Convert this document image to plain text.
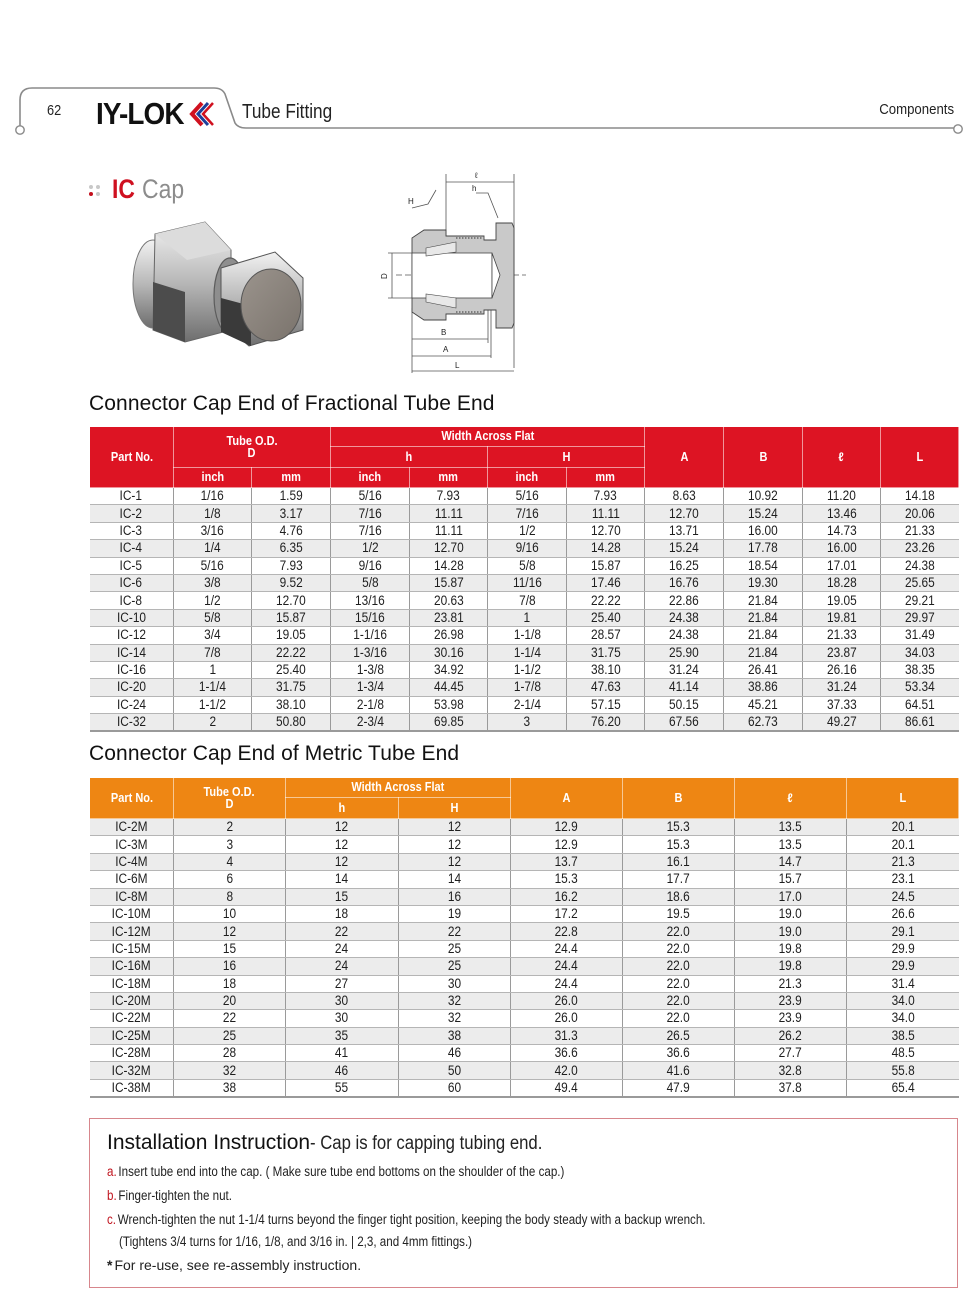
62 IY-LOK	Tube Fitting	Components
IC Cap	ℓ
h
H
D
B
A
L
Connector Cap End of Fractional Tube End
Part No.	Tube O.D.
D		Width Across Flat				A	B	ℓ	L
			h		H					
	inch	mm	inch	mm	inch	mm				
IC-1	1/16	1.59	5/16	7.93	5/16	7.93	8.63	10.92	11.20	14.18
IC-2	1/8	3.17	7/16	11.11	7/16	11.11	12.70	15.24	13.46	20.06
IC-3	3/16	4.76	7/16	11.11	1/2	12.70	13.71	16.00	14.73	21.33
IC-4	1/4	6.35	1/2	12.70	9/16	14.28	15.24	17.78	16.00	23.26
IC-5	5/16	7.93	9/16	14.28	5/8	15.87	16.25	18.54	17.01	24.38
IC-6	3/8	9.52	5/8	15.87	11/16	17.46	16.76	19.30	18.28	25.65
IC-8	1/2	12.70	13/16	20.63	7/8	22.22	22.86	21.84	19.05	29.21
IC-10	5/8	15.87	15/16	23.81	1	25.40	24.38	21.84	19.81	29.97
IC-12	3/4	19.05	1-1/16	26.98	1-1/8	28.57	24.38	21.84	21.33	31.49
IC-14	7/8	22.22	1-3/16	30.16	1-1/4	31.75	25.90	21.84	23.87	34.03
IC-16	1	25.40	1-3/8	34.92	1-1/2	38.10	31.24	26.41	26.16	38.35
IC-20	1-1/4	31.75	1-3/4	44.45	1-7/8	47.63	41.14	38.86	31.24	53.34
IC-24	1-1/2	38.10	2-1/8	53.98	2-1/4	57.15	50.15	45.21	37.33	64.51
IC-32	2	50.80	2-3/4	69.85	3	76.20	67.56	62.73	49.27	86.61
Connector Cap End of Metric Tube End
Part No.	Tube O.D.
D	Width Across Flat		A	B	ℓ	L
		h	H				
IC-2M	2	12	12	12.9	15.3	13.5	20.1
IC-3M	3	12	12	12.9	15.3	13.5	20.1
IC-4M	4	12	12	13.7	16.1	14.7	21.3
IC-6M	6	14	14	15.3	17.7	15.7	23.1
IC-8M	8	15	16	16.2	18.6	17.0	24.5
IC-10M	10	18	19	17.2	19.5	19.0	26.6
IC-12M	12	22	22	22.8	22.0	19.0	29.1
IC-15M	15	24	25	24.4	22.0	19.8	29.9
IC-16M	16	24	25	24.4	22.0	19.8	29.9
IC-18M	18	27	30	24.4	22.0	21.3	31.4
IC-20M	20	30	32	26.0	22.0	23.9	34.0
IC-22M	22	30	32	26.0	22.0	23.9	34.0
IC-25M	25	35	38	31.3	26.5	26.2	38.5
IC-28M	28	41	46	36.6	36.6	27.7	48.5
IC-32M	32	46	50	42.0	41.6	32.8	55.8
IC-38M	38	55	60	49.4	47.9	37.8	65.4
Installation Instruction- Cap is for capping tubing end.
a. Insert tube end into the cap. ( Make sure tube end bottoms on the shoulder of the cap.)
b. Finger-tighten the nut.
c. Wrench-tighten the nut 1-1/4 turns beyond the finger tight position, keeping the body steady with a backup wrench.
(Tightens 3/4 turns for 1/16, 1/8, and 3/16 in. | 2,3, and 4mm fittings.)
* For re-use, see re-assembly instruction.
